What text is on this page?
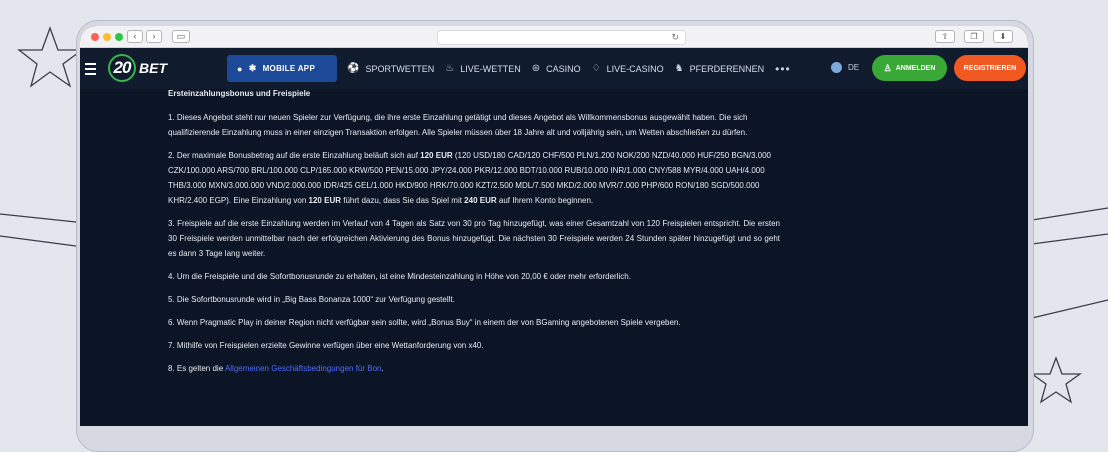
‹	›	▭	↻	⇧	❐	⬇
20 BET	● ✱ MOBILE APP	⚽ SPORTWETTEN ♨ LIVE-WETTEN ⊛ CASINO ♢ LIVE-CASINO ♞ PFERDERENNEN •••	DE	♙ ANMELDEN	REGISTRIEREN
Ersteinzahlungsbonus und Freispiele

1. Dieses Angebot steht nur neuen Spieler zur Verfügung, die ihre erste Einzahlung getätigt und dieses Angebot als Willkommensbonus ausgewählt haben. Die sich qualifizierende Einzahlung muss in einer einzigen Transaktion erfolgen. Alle Spieler müssen über 18 Jahre alt und volljährig sein, um Wetten abschließen zu dürfen.

2. Der maximale Bonusbetrag auf die erste Einzahlung beläuft sich auf 120 EUR (120 USD/180 CAD/120 CHF/500 PLN/1.200 NOK/200 NZD/40.000 HUF/250 BGN/3.000 CZK/100.000 ARS/700 BRL/100.000 CLP/165.000 KRW/500 PEN/15.000 JPY/24.000 PKR/12.000 BDT/10.000 RUB/10.000 INR/1.000 CNY/588 MYR/4.000 UAH/4.000 THB/3.000 MXN/3.000.000 VND/2.000.000 IDR/425 GEL/1.000 HKD/900 HRK/70.000 KZT/2.500 MDL/7.500 MKD/2.000 MVR/7.000 PHP/600 RON/180 SGD/500.000 KHR/2.400 EGP). Eine Einzahlung von 120 EUR führt dazu, dass Sie das Spiel mit 240 EUR auf Ihrem Konto beginnen.

3. Freispiele auf die erste Einzahlung werden im Verlauf von 4 Tagen als Satz von 30 pro Tag hinzugefügt, was einer Gesamtzahl von 120 Freispielen entspricht. Die ersten 30 Freispiele werden unmittelbar nach der erfolgreichen Aktivierung des Bonus hinzugefügt. Die nächsten 30 Freispiele werden 24 Stunden später hinzugefügt und so geht es dann 3 Tage lang weiter.

4. Um die Freispiele und die Sofortbonusrunde zu erhalten, ist eine Mindesteinzahlung in Höhe von 20,00 € oder mehr erforderlich.

5. Die Sofortbonusrunde wird in „Big Bass Bonanza 1000“ zur Verfügung gestellt.

6. Wenn Pragmatic Play in deiner Region nicht verfügbar sein sollte, wird „Bonus Buy“ in einem der von BGaming angebotenen Spiele vergeben.

7. Mithilfe von Freispielen erzielte Gewinne verfügen über eine Wettanforderung von x40.

8. Es gelten die Allgemeinen Geschäftsbedingungen für Bon.
